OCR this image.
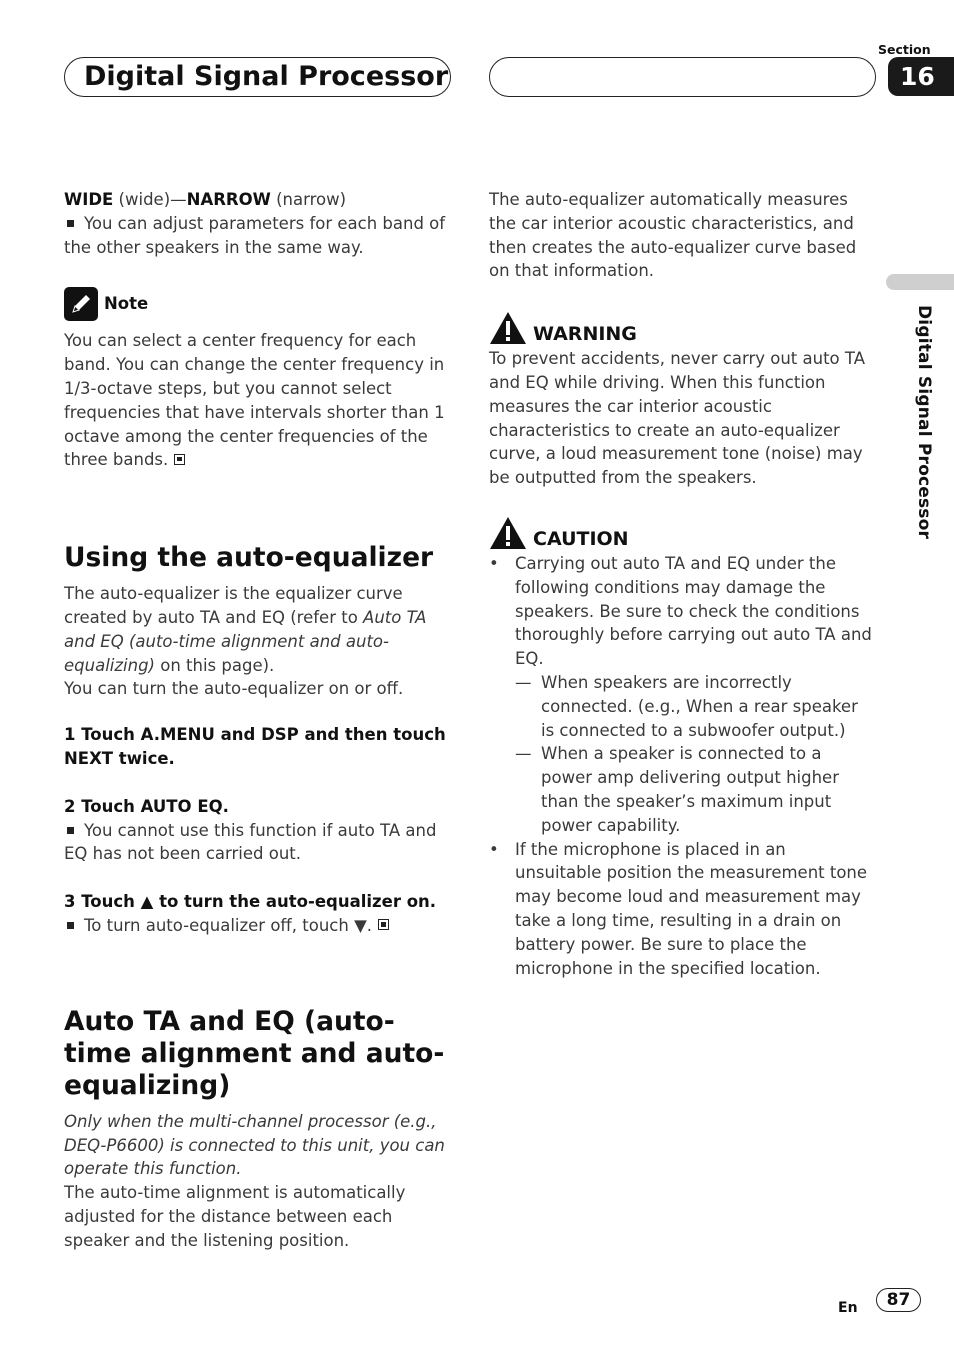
Digital Signal Processor
Section
16
Digital Signal Processor

WIDE (wide)—NARROW (narrow)

You can adjust parameters for each band of the other speakers in the same way.

Note

You can select a center frequency for each band. You can change the center frequency in 1/3-octave steps, but you cannot select frequencies that have intervals shorter than 1 octave among the center frequencies of the three bands.

Using the auto-equalizer

The auto-equalizer is the equalizer curve created by auto TA and EQ (refer to Auto TA and EQ (auto-time alignment and auto-equalizing) on this page).

You can turn the auto-equalizer on or off.

1 Touch A.MENU and DSP and then touch NEXT twice.

2 Touch AUTO EQ.

You cannot use this function if auto TA and EQ has not been carried out.

3 Touch ▲ to turn the auto-equalizer on.

To turn auto-equalizer off, touch ▼.

Auto TA and EQ (auto-time alignment and auto-equalizing)

Only when the multi-channel processor (e.g., DEQ-P6600) is connected to this unit, you can operate this function.

The auto-time alignment is automatically adjusted for the distance between each speaker and the listening position.

The auto-equalizer automatically measures the car interior acoustic characteristics, and then creates the auto-equalizer curve based on that information.

WARNING

To prevent accidents, never carry out auto TA and EQ while driving. When this function measures the car interior acoustic characteristics to create an auto-equalizer curve, a loud measurement tone (noise) may be outputted from the speakers.

CAUTION
• Carrying out auto TA and EQ under the following conditions may damage the speakers. Be sure to check the conditions thoroughly before carrying out auto TA and EQ.
— When speakers are incorrectly connected. (e.g., When a rear speaker is connected to a subwoofer output.)
— When a speaker is connected to a power amp delivering output higher than the speaker’s maximum input power capability.
• If the microphone is placed in an unsuitable position the measurement tone may become loud and measurement may take a long time, resulting in a drain on battery power. Be sure to place the microphone in the specified location.
En	87
